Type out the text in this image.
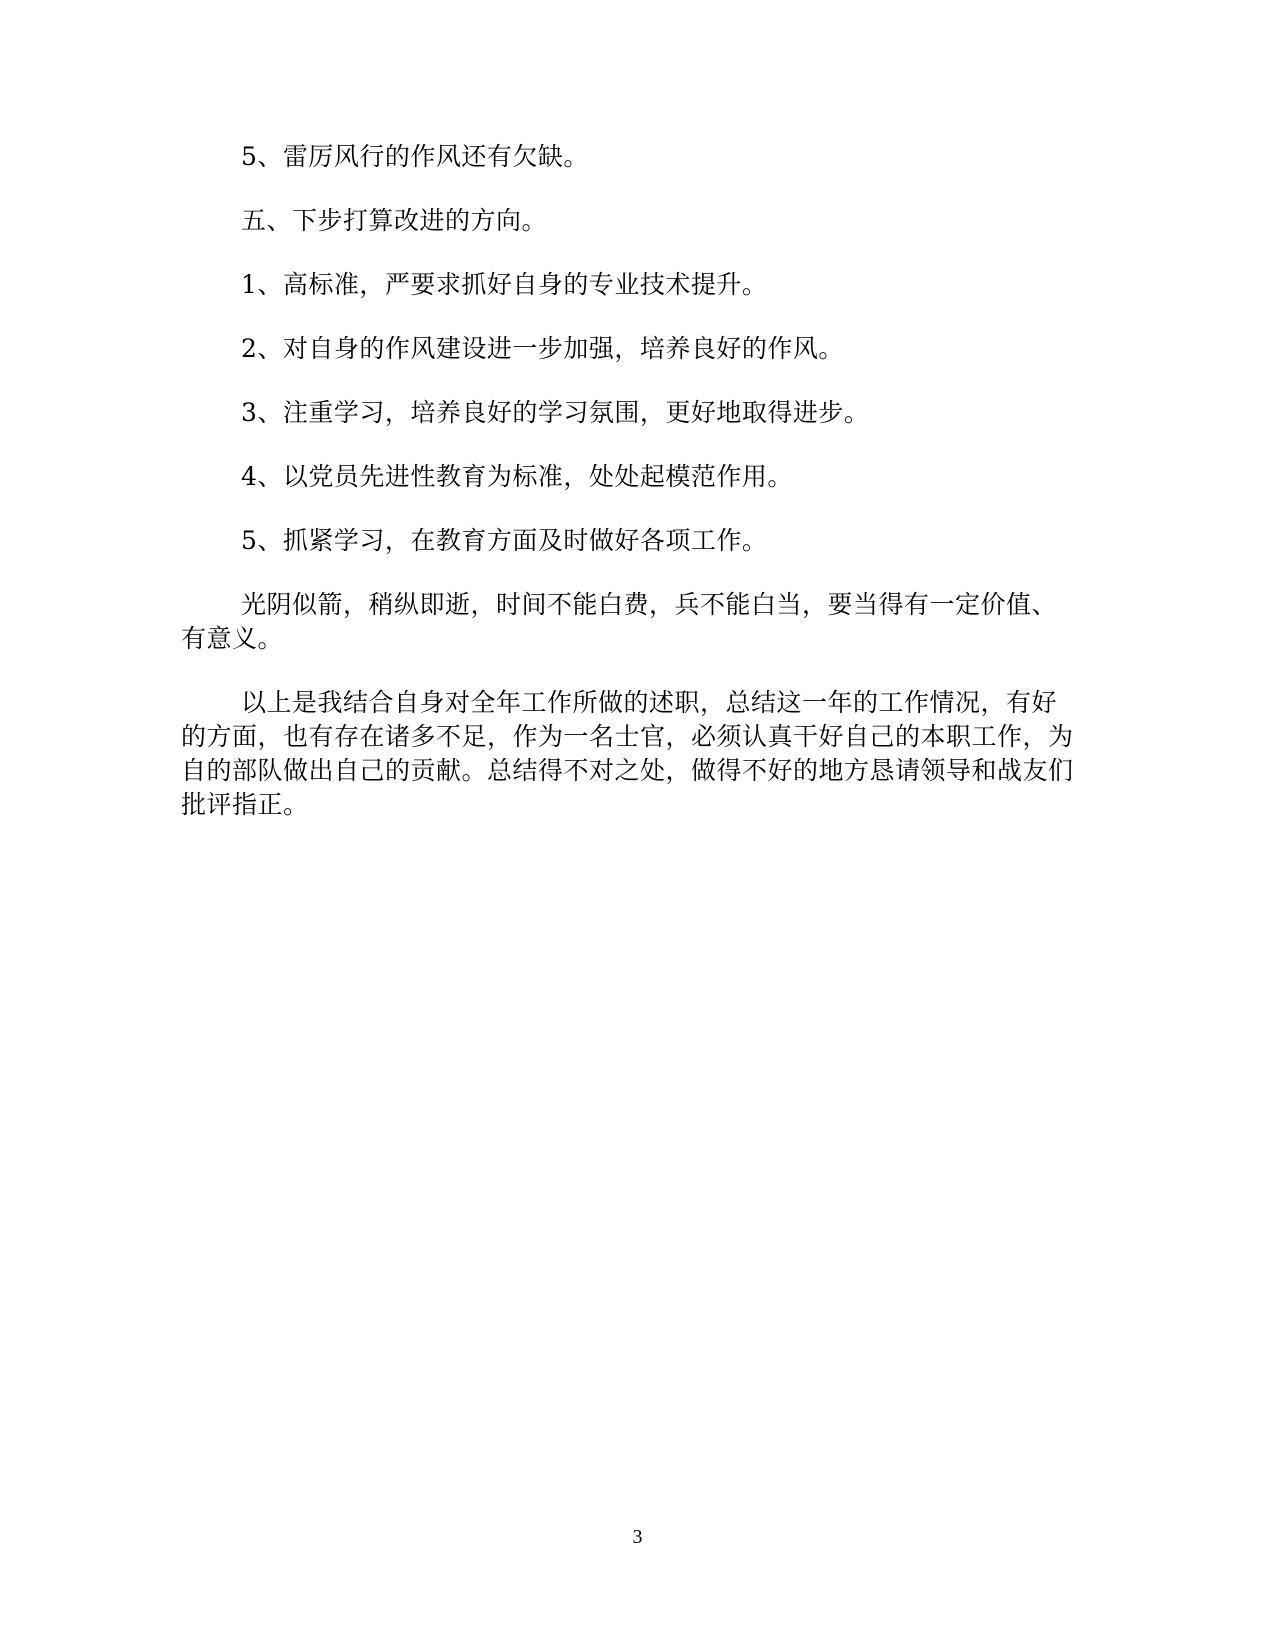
5、雷厉风行的作风还有欠缺。

五、下步打算改进的方向。

1、高标准，严要求抓好自身的专业技术提升。

2、对自身的作风建设进一步加强，培养良好的作风。

3、注重学习，培养良好的学习氛围，更好地取得进步。

4、以党员先进性教育为标准，处处起模范作用。

5、抓紧学习，在教育方面及时做好各项工作。

光阴似箭，稍纵即逝，时间不能白费，兵不能白当，要当得有一定价值、有意义。

以上是我结合自身对全年工作所做的述职，总结这一年的工作情况，有好的方面，也有存在诸多不足，作为一名士官，必须认真干好自己的本职工作，为自的部队做出自己的贡献。总结得不对之处，做得不好的地方恳请领导和战友们批评指正。

3
